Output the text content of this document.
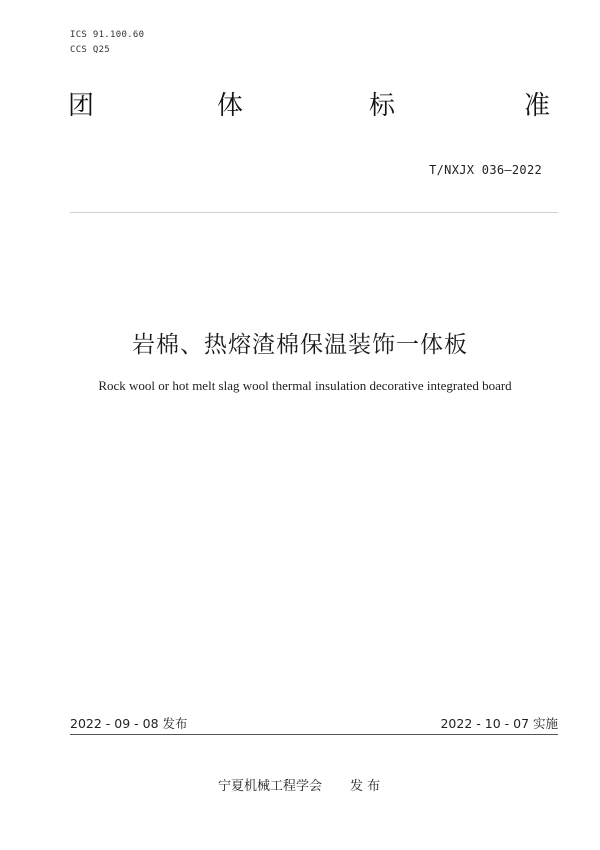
ICS 91.100.60
CCS Q25
团	体	标	准
T/NXJX 036—2022
岩棉、热熔渣棉保温装饰一体板
Rock wool or hot melt slag wool thermal insulation decorative integrated board
2022 - 09 - 08 发布	2022 - 10 - 07 实施
宁夏机械工程学会 发 布
